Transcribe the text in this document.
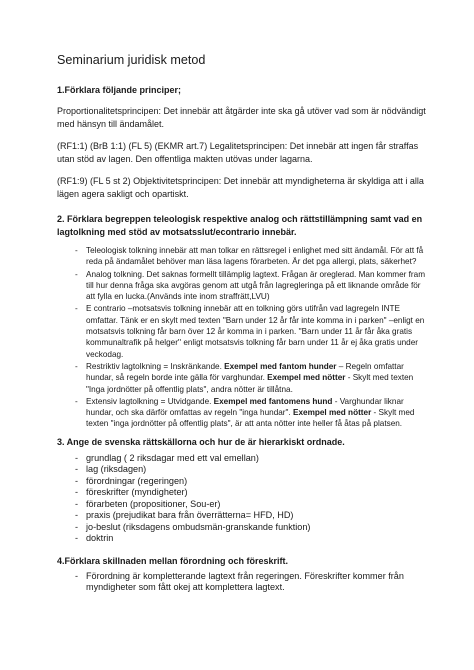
Seminarium juridisk metod
1.Förklara följande principer;
Proportionalitetsprincipen: Det innebär att åtgärder inte ska gå utöver vad som är nödvändigt med hänsyn till ändamålet.
(RF1:1) (BrB 1:1) (FL 5) (EKMR art.7) Legalitetsprincipen: Det innebär att ingen får straffas utan stöd av lagen. Den offentliga makten utövas under lagarna.
(RF1:9) (FL 5 st 2) Objektivitetsprincipen: Det innebär att myndigheterna är skyldiga att i alla lägen agera sakligt och opartiskt.
2. Förklara begreppen teleologisk respektive analog och rättstillämpning samt vad en lagtolkning med stöd av motsatsslut/econtrario innebär.
- Teleologisk tolkning innebär att man tolkar en rättsregel i enlighet med sitt ändamål. För att få reda på ändamålet behöver man läsa lagens förarbeten. Är det pga allergi, plats, säkerhet?
- Analog tolkning. Det saknas formellt tillämplig lagtext. Frågan är oreglerad. Man kommer fram till hur denna fråga ska avgöras genom att utgå från lagregleringa på ett liknande område för att fylla en lucka.(Används inte inom straffrätt,LVU)
- E contrario –motsatsvis tolkning innebär att en tolkning görs utifrån vad lagregeln INTE omfattar. Tänk er en skylt med texten "Barn under 12 år får inte komma in i parken" –enligt en motsatsvis tolkning får barn över 12 år komma in i parken. ''Barn under 11 år får åka gratis kommunaltrafik på helger'' enligt motsatsvis tolkning får barn under 11 år ej åka gratis under veckodag.
- Restriktiv lagtolkning = Inskränkande. Exempel med fantom hunder – Regeln omfattar hundar, så regeln borde inte gälla för varghundar. Exempel med nötter - Skylt med texten "Inga jordnötter på offentlig plats", andra nötter är tillåtna.
- Extensiv lagtolkning = Utvidgande. Exempel med fantomens hund - Varghundar liknar hundar, och ska därför omfattas av regeln "inga hundar". Exempel med nötter - Skylt med texten "inga jordnötter på offentlig plats", är att anta nötter inte heller få åtas på platsen.
3. Ange de svenska rättskällorna och hur de är hierarkiskt ordnade.
- grundlag ( 2 riksdagar med ett val emellan)
- lag (riksdagen)
- förordningar (regeringen)
- föreskrifter (myndigheter)
- förarbeten (propositioner, Sou-er)
- praxis (prejudikat bara från överrätterna= HFD, HD)
- jo-beslut (riksdagens ombudsmän-granskande funktion)
- doktrin
4.Förklara skillnaden mellan förordning och föreskrift.
- Förordning är kompletterande lagtext från regeringen. Föreskrifter kommer från myndigheter som fått okej att komplettera lagtext.
